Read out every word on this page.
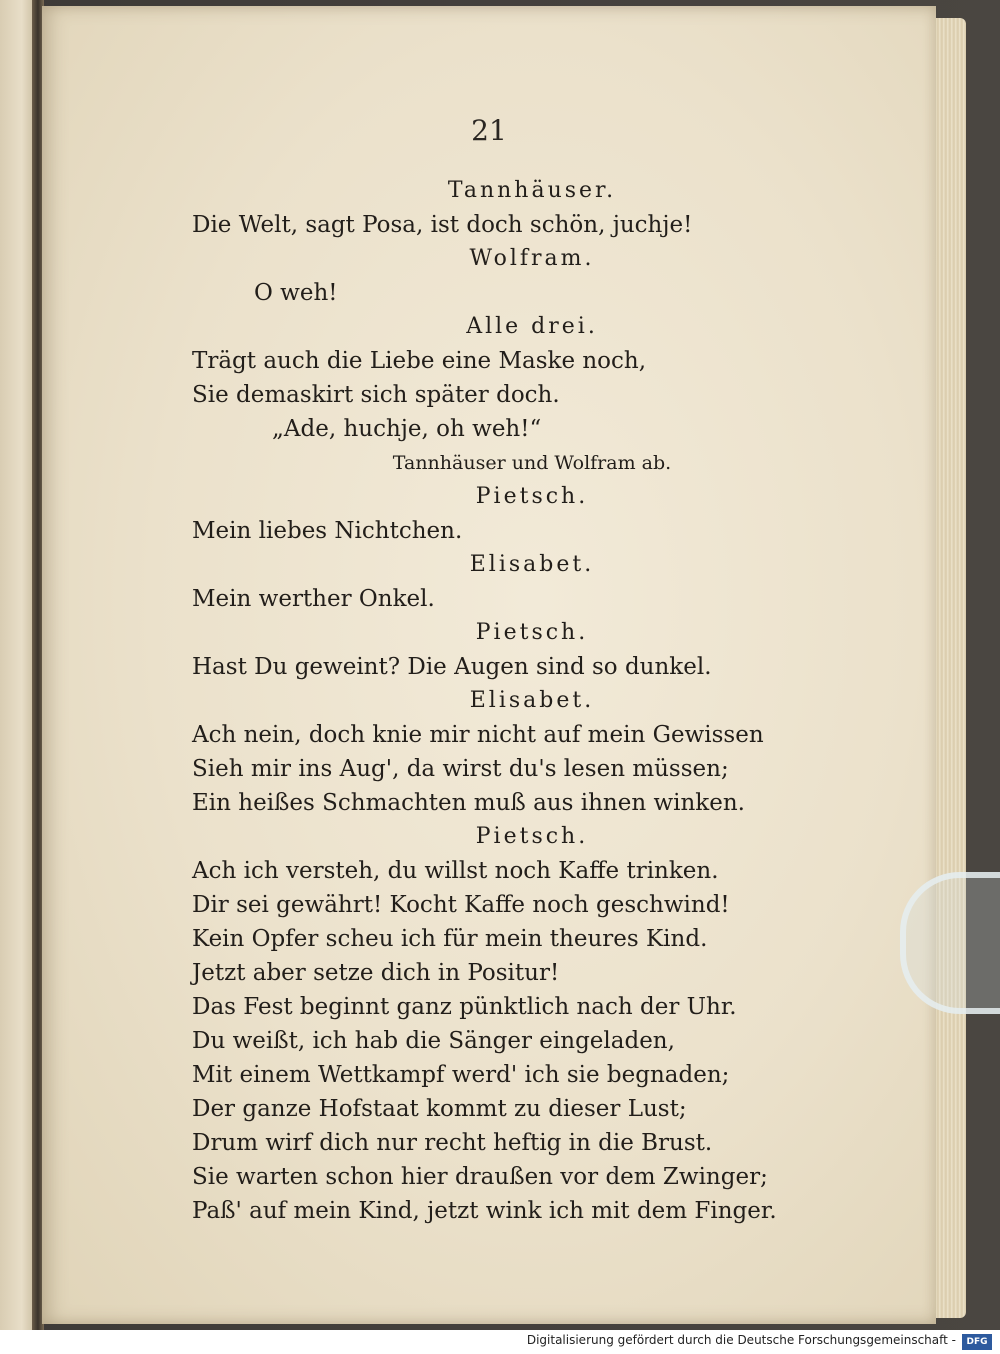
21

Tannhäuser.

Die Welt, sagt Posa, ist doch schön, juchje!

Wolfram.

O weh!

Alle drei.

Trägt auch die Liebe eine Maske noch,

Sie demaskirt sich später doch.

„Ade, huchje, oh weh!“

Tannhäuser und Wolfram ab.

Pietsch.

Mein liebes Nichtchen.

Elisabet.

Mein werther Onkel.

Pietsch.

Hast Du geweint? Die Augen sind so dunkel.

Elisabet.

Ach nein, doch knie mir nicht auf mein Gewissen

Sieh mir ins Aug', da wirst du's lesen müssen;

Ein heißes Schmachten muß aus ihnen winken.

Pietsch.

Ach ich versteh, du willst noch Kaffe trinken.

Dir sei gewährt! Kocht Kaffe noch geschwind!

Kein Opfer scheu ich für mein theures Kind.

Jetzt aber setze dich in Positur!

Das Fest beginnt ganz pünktlich nach der Uhr.

Du weißt, ich hab die Sänger eingeladen,

Mit einem Wettkampf werd' ich sie begnaden;

Der ganze Hofstaat kommt zu dieser Lust;

Drum wirf dich nur recht heftig in die Brust.

Sie warten schon hier draußen vor dem Zwinger;

Paß' auf mein Kind, jetzt wink ich mit dem Finger.

Digitalisierung gefördert durch die Deutsche Forschungsgemeinschaft -	DFG
